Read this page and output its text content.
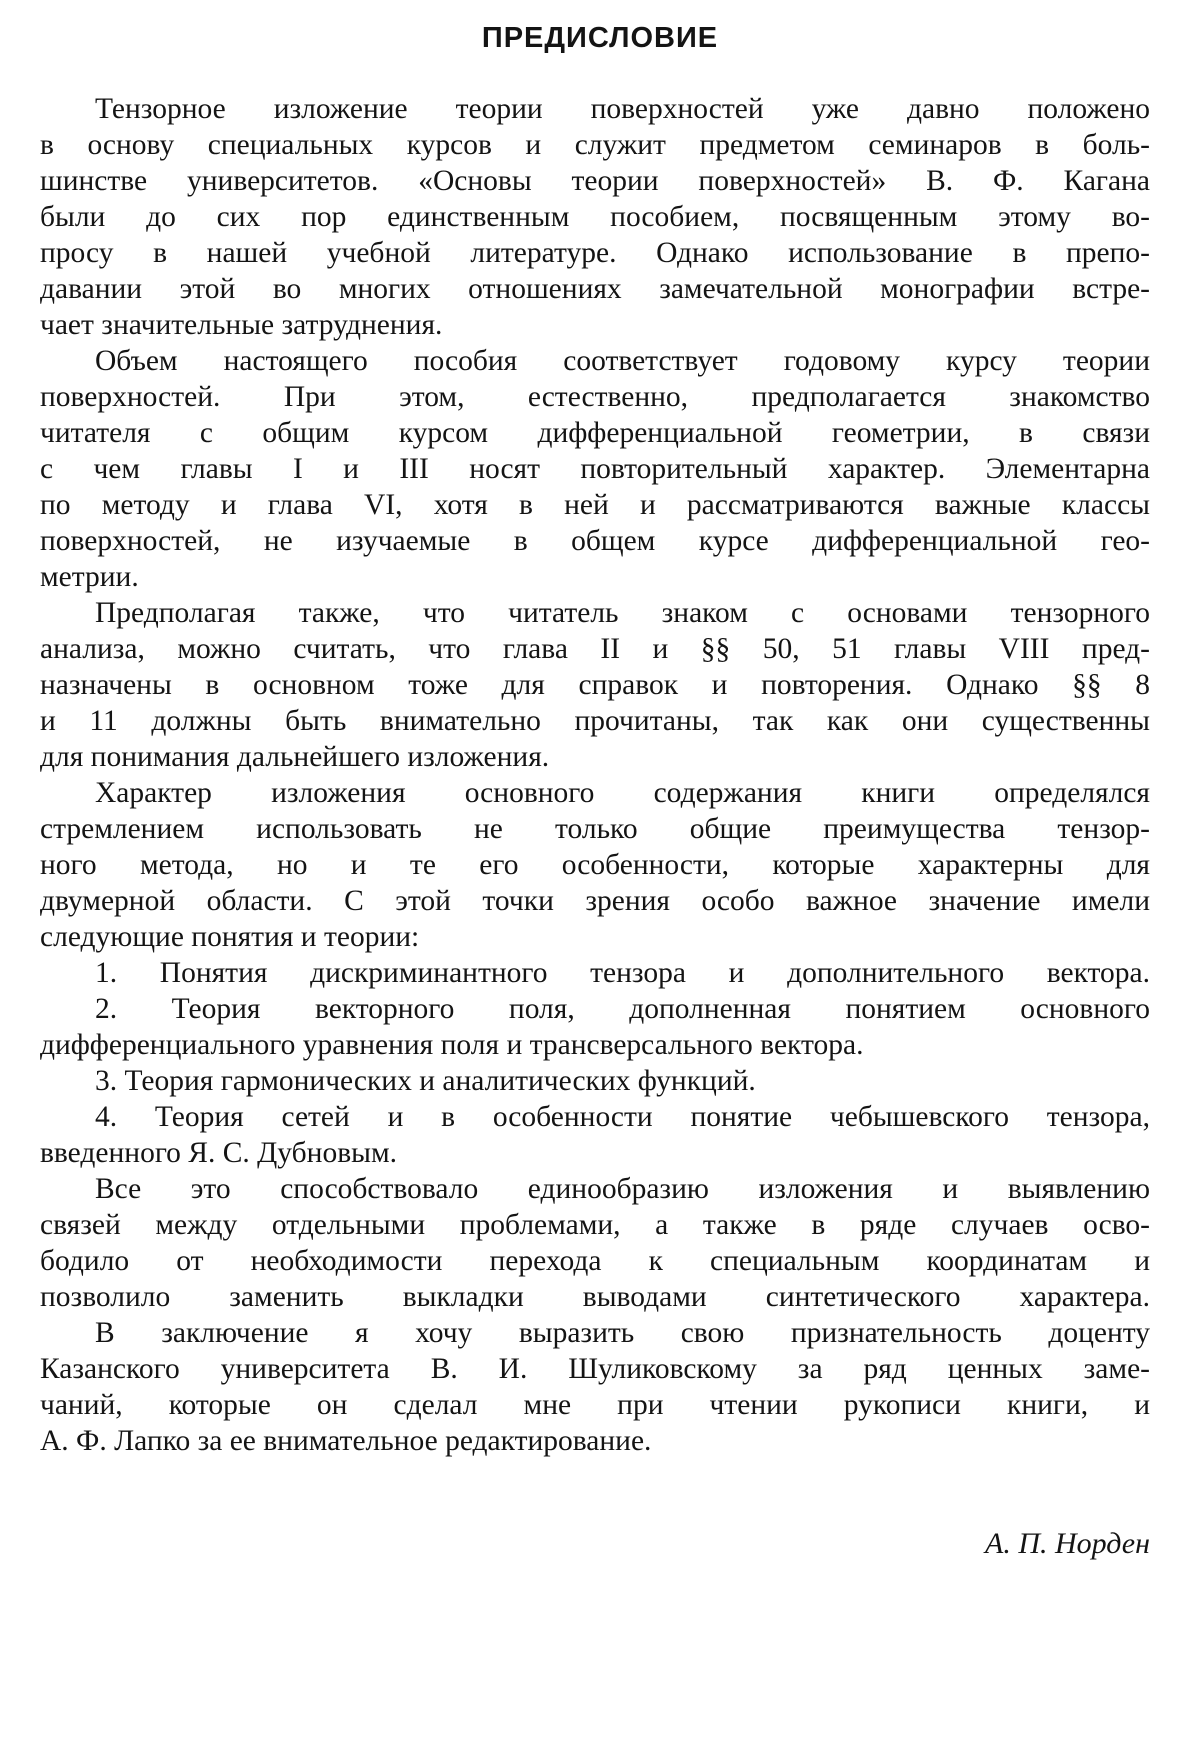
ПРЕДИСЛОВИЕ
Тензорное изложение теории поверхностей уже давно положено
в основу специальных курсов и служит предметом семинаров в боль-
шинстве университетов. «Основы теории поверхностей» В. Ф. Кагана
были до сих пор единственным пособием, посвященным этому во-
просу в нашей учебной литературе. Однако использование в препо-
давании этой во многих отношениях замечательной монографии встре-
чает значительные затруднения.
Объем настоящего пособия соответствует годовому курсу теории
поверхностей. При этом, естественно, предполагается знакомство
читателя с общим курсом дифференциальной геометрии, в связи
с чем главы I и III носят повторительный характер. Элементарна
по методу и глава VI, хотя в ней и рассматриваются важные классы
поверхностей, не изучаемые в общем курсе дифференциальной гео-
метрии.
Предполагая также, что читатель знаком с основами тензорного
анализа, можно считать, что глава II и §§ 50, 51 главы VIII пред-
назначены в основном тоже для справок и повторения. Однако §§ 8
и 11 должны быть внимательно прочитаны, так как они существенны
для понимания дальнейшего изложения.
Характер изложения основного содержания книги определялся
стремлением использовать не только общие преимущества тензор-
ного метода, но и те его особенности, которые характерны для
двумерной области. С этой точки зрения особо важное значение имели
следующие понятия и теории:
1. Понятия дискриминантного тензора и дополнительного вектора.
2. Теория векторного поля, дополненная понятием основного
дифференциального уравнения поля и трансверсального вектора.
3. Теория гармонических и аналитических функций.
4. Теория сетей и в особенности понятие чебышевского тензора,
введенного Я. С. Дубновым.
Все это способствовало единообразию изложения и выявлению
связей между отдельными проблемами, а также в ряде случаев осво-
бодило от необходимости перехода к специальным координатам и
позволило заменить выкладки выводами синтетического характера.
В заключение я хочу выразить свою признательность доценту
Казанского университета В. И. Шуликовскому за ряд ценных заме-
чаний, которые он сделал мне при чтении рукописи книги, и
А. Ф. Лапко за ее внимательное редактирование.
А. П. Норден
